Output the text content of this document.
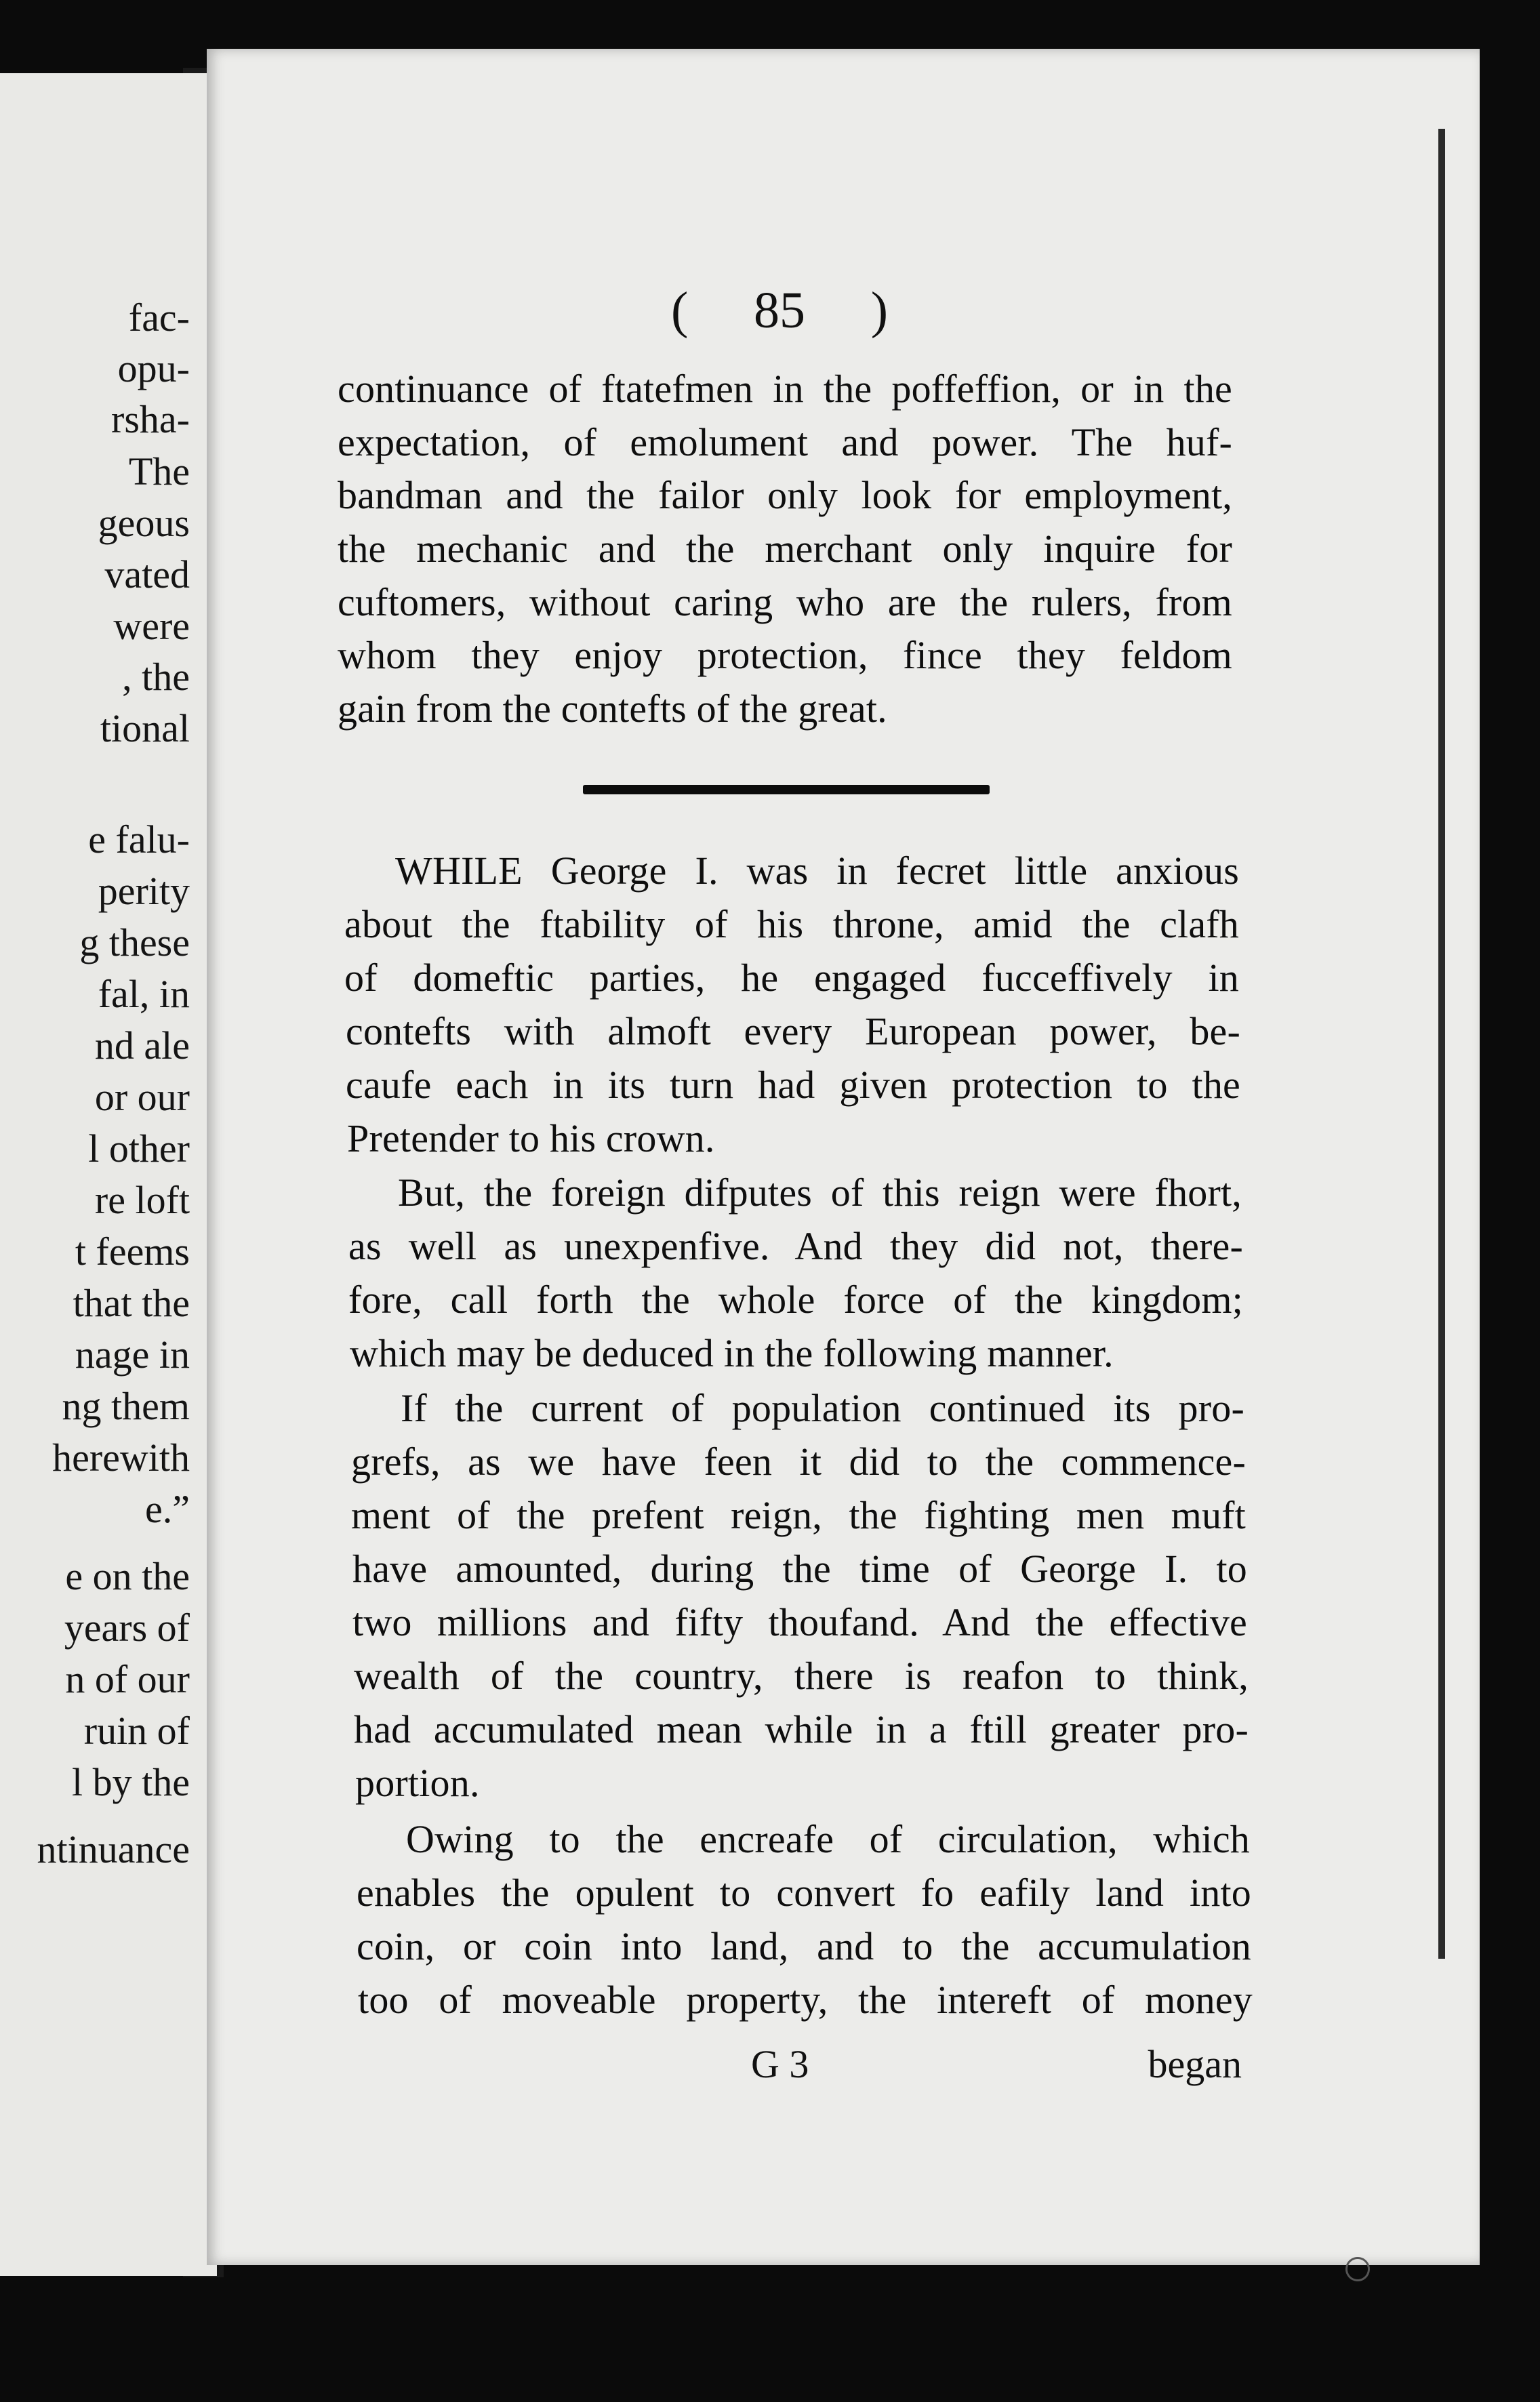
fac-
opu-
rsha-
The
geous
vated
were
, the
tional
e falu-
perity
g these
fal, in
nd ale
or our
l other
re loft
t feems
that the
nage in
ng them
herewith
e.”
e on the
years of
n of our
ruin of
l by the
ntinuance
( 85 )
continuance of ftatefmen in the poffeffion, or in the
expectation, of emolument and power. The huf-
bandman and the failor only look for employment,
the mechanic and the merchant only inquire for
cuftomers, without caring who are the rulers, from
whom they enjoy protection, fince they feldom
gain from the contefts of the great.
WHILE George I. was in fecret little anxious
about the ftability of his throne, amid the clafh
of domeftic parties, he engaged fucceffively in
contefts with almoft every European power, be-
caufe each in its turn had given protection to the
Pretender to his crown.
But, the foreign difputes of this reign were fhort,
as well as unexpenfive. And they did not, there-
fore, call forth the whole force of the kingdom;
which may be deduced in the following manner.
If the current of population continued its pro-
grefs, as we have feen it did to the commence-
ment of the prefent reign, the fighting men muft
have amounted, during the time of George I. to
two millions and fifty thoufand. And the effective
wealth of the country, there is reafon to think,
had accumulated mean while in a ftill greater pro-
portion.
Owing to the encreafe of circulation, which
enables the opulent to convert fo eafily land into
coin, or coin into land, and to the accumulation
too of moveable property, the intereft of money
G 3	began
